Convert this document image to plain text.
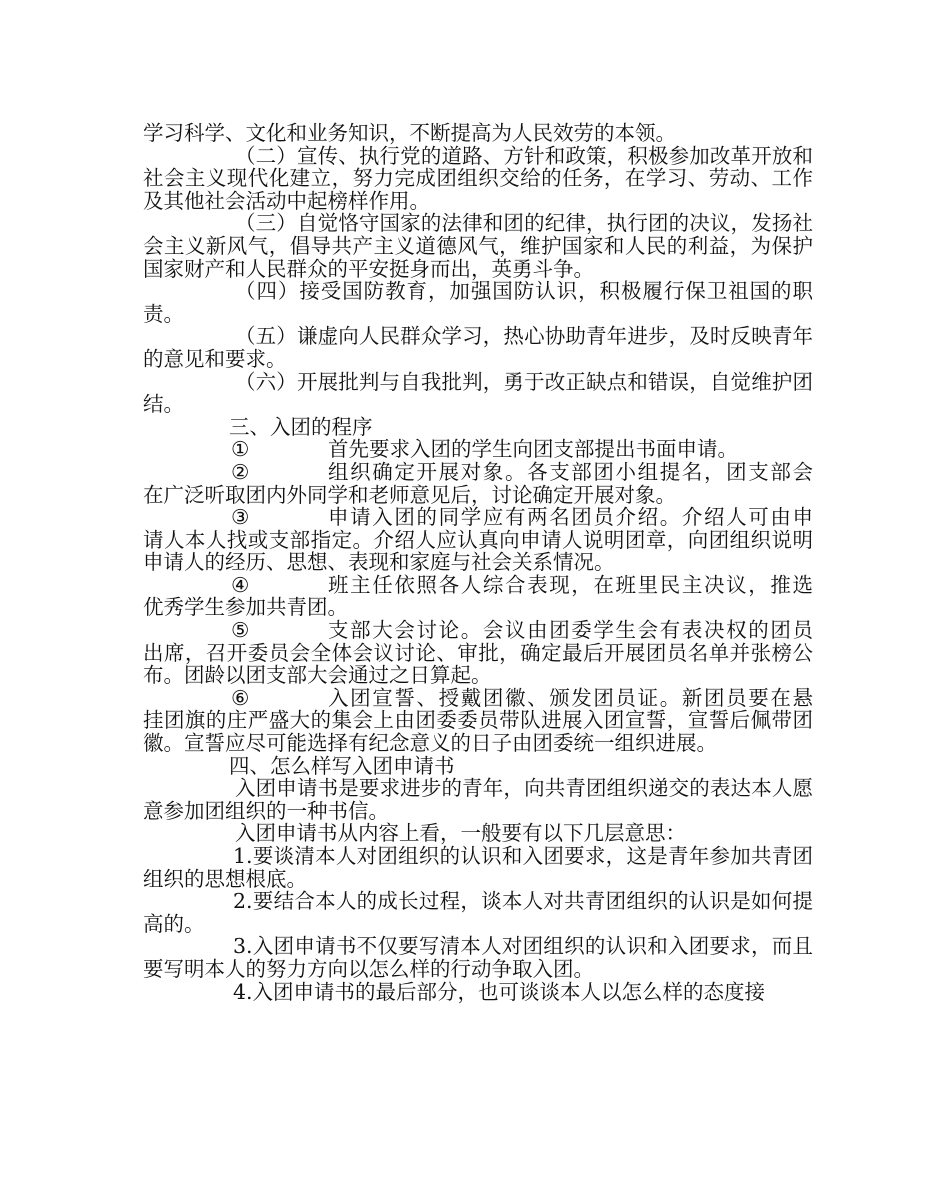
学习科学、文化和业务知识，不断提高为人民效劳的本领。

（二）宣传、执行党的道路、方针和政策，积极参加改革开放和社会主义现代化建立，努力完成团组织交给的任务，在学习、劳动、工作及其他社会活动中起榜样作用。

（三）自觉恪守国家的法律和团的纪律，执行团的决议，发扬社会主义新风气，倡导共产主义道德风气，维护国家和人民的利益，为保护国家财产和人民群众的平安挺身而出，英勇斗争。

（四）接受国防教育，加强国防认识，积极履行保卫祖国的职责。

（五）谦虚向人民群众学习，热心协助青年进步，及时反映青年的意见和要求。

（六）开展批判与自我批判，勇于改正缺点和错误，自觉维护团结。

三、入团的程序

①	首先要求入团的学生向团支部提出书面申请。
②	组织确定开展对象。各支部团小组提名，团支部会

在广泛听取团内外同学和老师意见后，讨论确定开展对象。

③	申请入团的同学应有两名团员介绍。介绍人可由申

请人本人找或支部指定。介绍人应认真向申请人说明团章，向团组织说明申请人的经历、思想、表现和家庭与社会关系情况。

④	班主任依照各人综合表现，在班里民主决议，推选

优秀学生参加共青团。

⑤	支部大会讨论。会议由团委学生会有表决权的团员

出席，召开委员会全体会议讨论、审批，确定最后开展团员名单并张榜公布。团龄以团支部大会通过之日算起。

⑥	入团宣誓、授戴团徽、颁发团员证。新团员要在悬

挂团旗的庄严盛大的集会上由团委委员带队进展入团宣誓，宣誓后佩带团徽。宣誓应尽可能选择有纪念意义的日子由团委统一组织进展。

四、怎么样写入团申请书

入团申请书是要求进步的青年，向共青团组织递交的表达本人愿意参加团组织的一种书信。

入团申请书从内容上看，一般要有以下几层意思：

1.要谈清本人对团组织的认识和入团要求，这是青年参加共青团组织的思想根底。

2.要结合本人的成长过程，谈本人对共青团组织的认识是如何提高的。

3.入团申请书不仅要写清本人对团组织的认识和入团要求，而且要写明本人的努力方向以怎么样的行动争取入团。

4.入团申请书的最后部分，也可谈谈本人以怎么样的态度接
